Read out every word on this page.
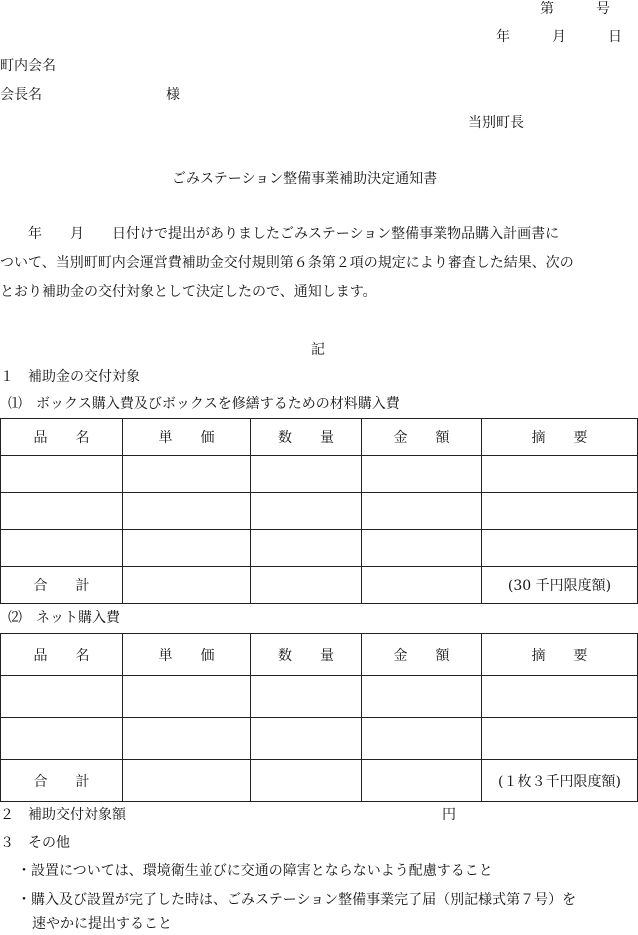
第　　　号
年　　　月　　　日
町内会名
会長名	様
当別町長
ごみステーション整備事業補助決定通知書
　　年　　月　　日付けで提出がありましたごみステーション整備事業物品購入計画書に
ついて、当別町町内会運営費補助金交付規則第６条第２項の規定により審査した結果、次の
とおり補助金の交付対象として決定したので、通知します。
記
１　補助金の交付対象
⑴　ボックス購入費及びボックスを修繕するための材料購入費
品　　名	単　　価	数　　量	金　　額	摘　　要

合　　計				(30 千円限度額)
⑵　ネット購入費
品　　名	単　　価	数　　量	金　　額	摘　　要

合　　計				(１枚３千円限度額)
２　補助交付対象額	円
３　その他
・設置については、環境衛生並びに交通の障害とならないよう配慮すること
・購入及び設置が完了した時は、ごみステーション整備事業完了届（別記様式第７号）を
速やかに提出すること
